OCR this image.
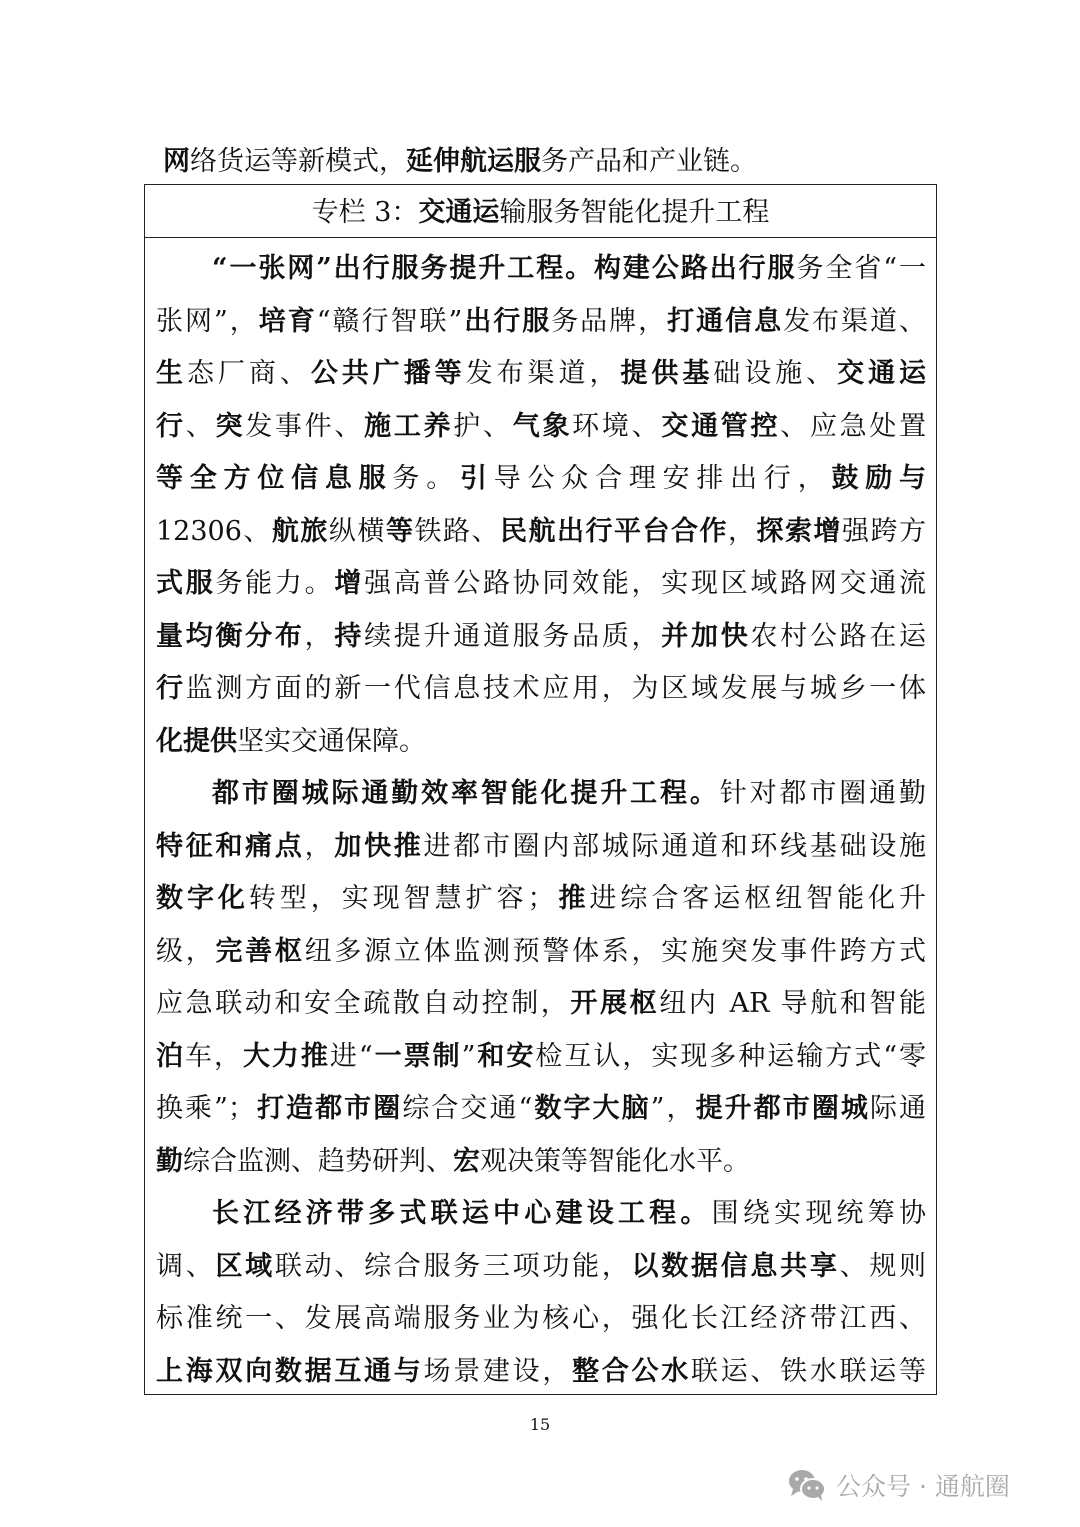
网络货运等新模式，延伸航运服务产品和产业链。
专栏 3：交通运输服务智能化提升工程
“一张网”出行服务提升工程。构建公路出行服务全省“一
张网”，培育“赣行智联”出行服务品牌，打通信息发布渠道、
生态厂商、公共广播等发布渠道，提供基础设施、交通运
行、突发事件、施工养护、气象环境、交通管控、应急处置
等全方位信息服务。引导公众合理安排出行，鼓励与
12306、航旅纵横等铁路、民航出行平台合作，探索增强跨方
式服务能力。增强高普公路协同效能，实现区域路网交通流
量均衡分布，持续提升通道服务品质，并加快农村公路在运
行监测方面的新一代信息技术应用，为区域发展与城乡一体
化提供坚实交通保障。
都市圈城际通勤效率智能化提升工程。针对都市圈通勤
特征和痛点，加快推进都市圈内部城际通道和环线基础设施
数字化转型，实现智慧扩容；推进综合客运枢纽智能化升
级，完善枢纽多源立体监测预警体系，实施突发事件跨方式
应急联动和安全疏散自动控制，开展枢纽内 AR 导航和智能
泊车，大力推进“一票制”和安检互认，实现多种运输方式“零
换乘”；打造都市圈综合交通“数字大脑”，提升都市圈城际通
勤综合监测、趋势研判、宏观决策等智能化水平。
长江经济带多式联运中心建设工程。围绕实现统筹协
调、区域联动、综合服务三项功能，以数据信息共享、规则
标准统一、发展高端服务业为核心，强化长江经济带江西、
上海双向数据互通与场景建设，整合公水联运、铁水联运等
15
公众号 · 通航圈
